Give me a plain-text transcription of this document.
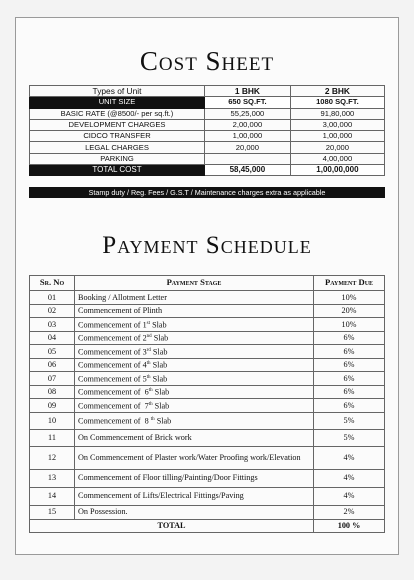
Cost Sheet
Types of Unit	1 BHK	2 BHK
UNIT SIZE	650 SQ.FT.	1080 SQ.FT.
BASIC RATE (@8500/- per sq.ft.)	55,25,000	91,80,000
DEVELOPMENT CHARGES	2,00,000	3,00,000
CIDCO TRANSFER	1,00,000	1,00,000
LEGAL CHARGES	20,000	20,000
PARKING		4,00,000
TOTAL COST	58,45,000	1,00,00,000
Stamp duty / Reg. Fees / G.S.T / Maintenance charges extra as applicable
Payment Schedule
Sr. No	Payment Stage	Payment Due
01	Booking / Allotment Letter	10%
02	Commencement of Plinth	20%
03	Commencement of 1st Slab	10%
04	Commencement of 2nd Slab	6%
05	Commencement of 3rd Slab	6%
06	Commencement of 4th Slab	6%
07	Commencement of 5th Slab	6%
08	Commencement of  6th Slab	6%
09	Commencement of  7th Slab	6%
10	Commencement of  8 $^{th}$ Slab	5%
11	On Commencement of Brick work	5%
12	On Commencement of Plaster work/Water Proofing work/Elevation	4%
13	Commencement of Floor tilling/Painting/Door Fittings	4%
14	Commencement of Lifts/Electrical Fittings/Paving	4%
15	On Possession.	2%
TOTAL		100 %
